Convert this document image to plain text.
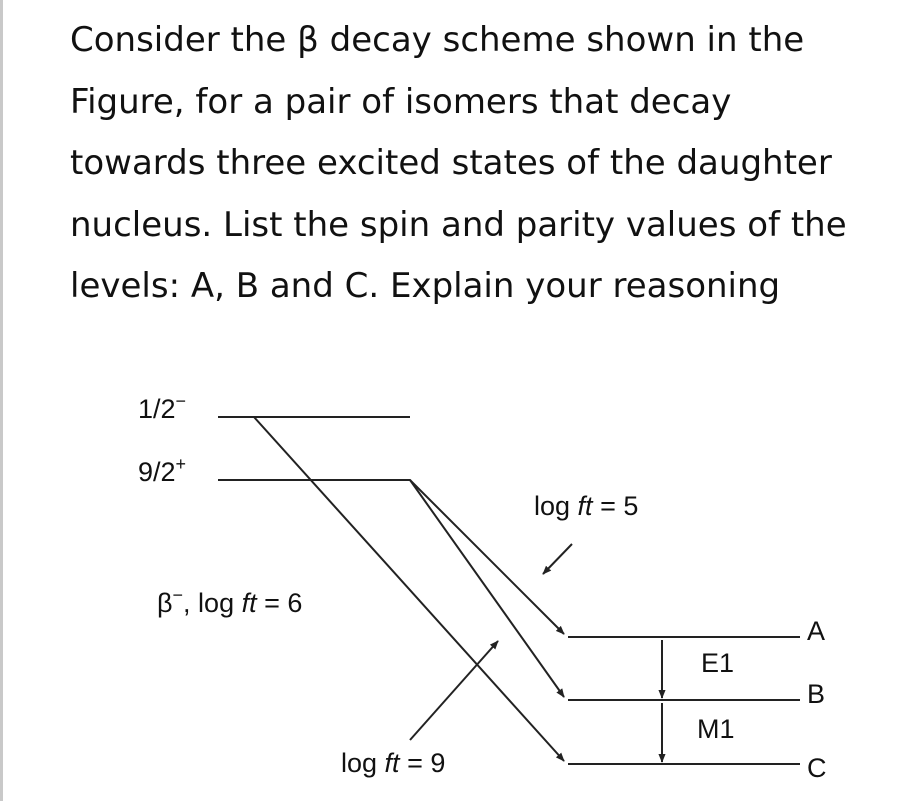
Consider the β decay scheme shown in the
Figure, for a pair of isomers that decay
towards three excited states of the daughter
nucleus. List the spin and parity values of the
levels: A, B and C. Explain your reasoning
1/2−
9/2+
log ft = 5
β−, log ft = 6
log ft = 9
E1
M1
A
B
C
